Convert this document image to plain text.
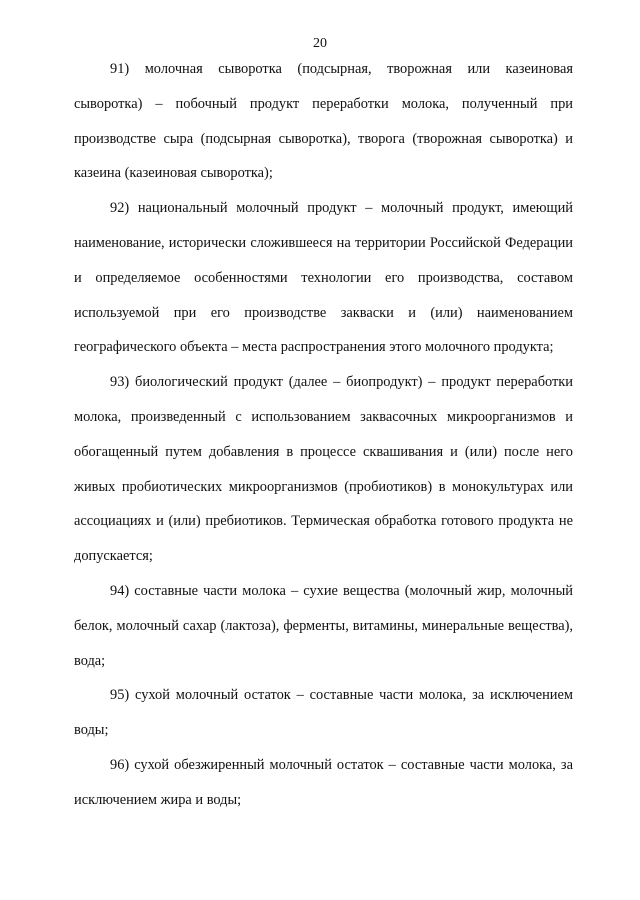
20

91) молочная сыворотка (подсырная, творожная или казеиновая сыворотка) – побочный продукт переработки молока, полученный при производстве сыра (подсырная сыворотка), творога (творожная сыворотка) и казеина (казеиновая сыворотка);

92) национальный молочный продукт – молочный продукт, имеющий наименование, исторически сложившееся на территории Российской Федерации и определяемое особенностями технологии его производства, составом используемой при его производстве закваски и (или) наименованием географического объекта – места распространения этого молочного продукта;

93) биологический продукт (далее – биопродукт) – продукт переработки молока, произведенный с использованием заквасочных микроорганизмов и обогащенный путем добавления в процессе сквашивания и (или) после него живых пробиотических микроорганизмов (пробиотиков) в монокультурах или ассоциациях и (или) пребиотиков. Термическая обработка готового продукта не допускается;

94) составные части молока – сухие вещества (молочный жир, молочный белок, молочный сахар (лактоза), ферменты, витамины, минеральные вещества), вода;

95) сухой молочный остаток – составные части молока, за исключением воды;

96) сухой обезжиренный молочный остаток – составные части молока, за исключением жира и воды;
